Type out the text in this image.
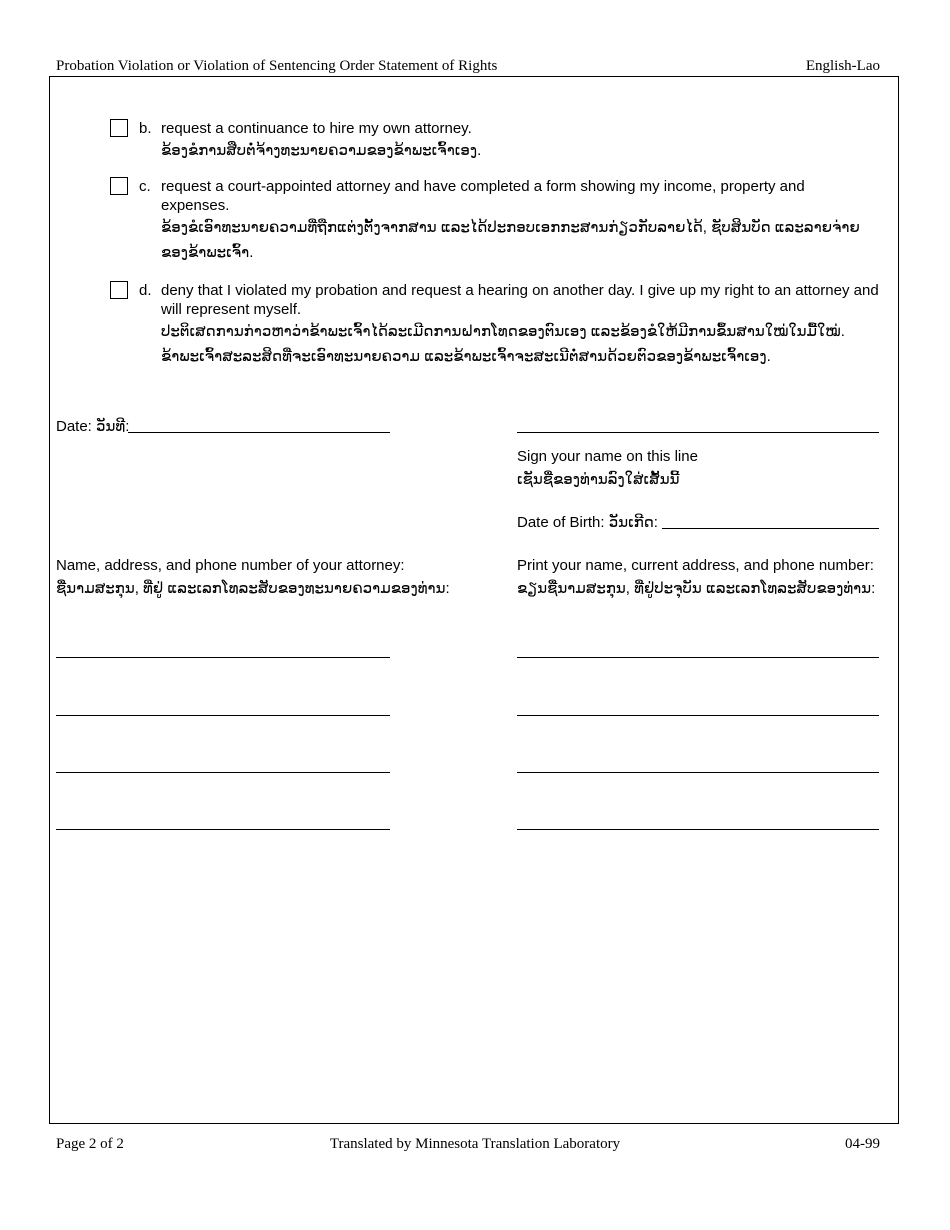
Probation Violation or Violation of Sentencing Order Statement of Rights	English-Lao
b. request a continuance to hire my own attorney.
ຂ້ອງຂໍການສືບຕໍ່ຈ້າງທະນາຍຄວາມຂອງຂ້າພະເຈົ້າເອງ.
c. request a court-appointed attorney and have completed a form showing my income, property and expenses.
ຂ້ອງຂໍເອົາທະນາຍຄວາມທີ່ຖືກແຕ່ງຕັ້ງຈາກສານ ແລະໄດ້ປະກອບເອກກະສານກ່ຽວກັບລາຍໄດ້, ຊັບສິນບັດ ແລະລາຍຈ່າຍ
ຂອງຂ້າພະເຈົ້າ.
d. deny that I violated my probation and request a hearing on another day. I give up my right to an attorney and will represent myself.
ປະຕິເສດການກ່າວຫາວ່າຂ້າພະເຈົ້າໄດ້ລະເມີດການຝາກໂທດຂອງຕົນເອງ ແລະຂ້ອງຂໍໃຫ້ມີການຂຶ້ນສານໃໝ່ໃນມື້ໃໝ່.
ຂ້າພະເຈົ້າສະລະສິດທີ່ຈະເອົາທະນາຍຄວາມ ແລະຂ້າພະເຈົ້າຈະສະເນີຕໍ່ສານດ້ວຍຕົວຂອງຂ້າພະເຈົ້າເອງ.
Date: ວັນທີ:
Sign your name on this line
ເຊັນຊື່ຂອງທ່ານລົງໃສ່ເສັ້ນນີ້
Date of Birth: ວັນເກີດ:
Name, address, and phone number of your attorney:
ຊື່ນາມສະກຸນ, ທີ່ຢູ່ ແລະເລກໂທລະສັບຂອງທະນາຍຄວາມຂອງທ່ານ:
Print your name, current address, and phone number:
ຂຽນຊື່ນາມສະກຸນ, ທີ່ຢູ່ປະຈຸບັນ ແລະເລກໂທລະສັບຂອງທ່ານ:
Page 2 of 2	Translated by Minnesota Translation Laboratory	04-99
